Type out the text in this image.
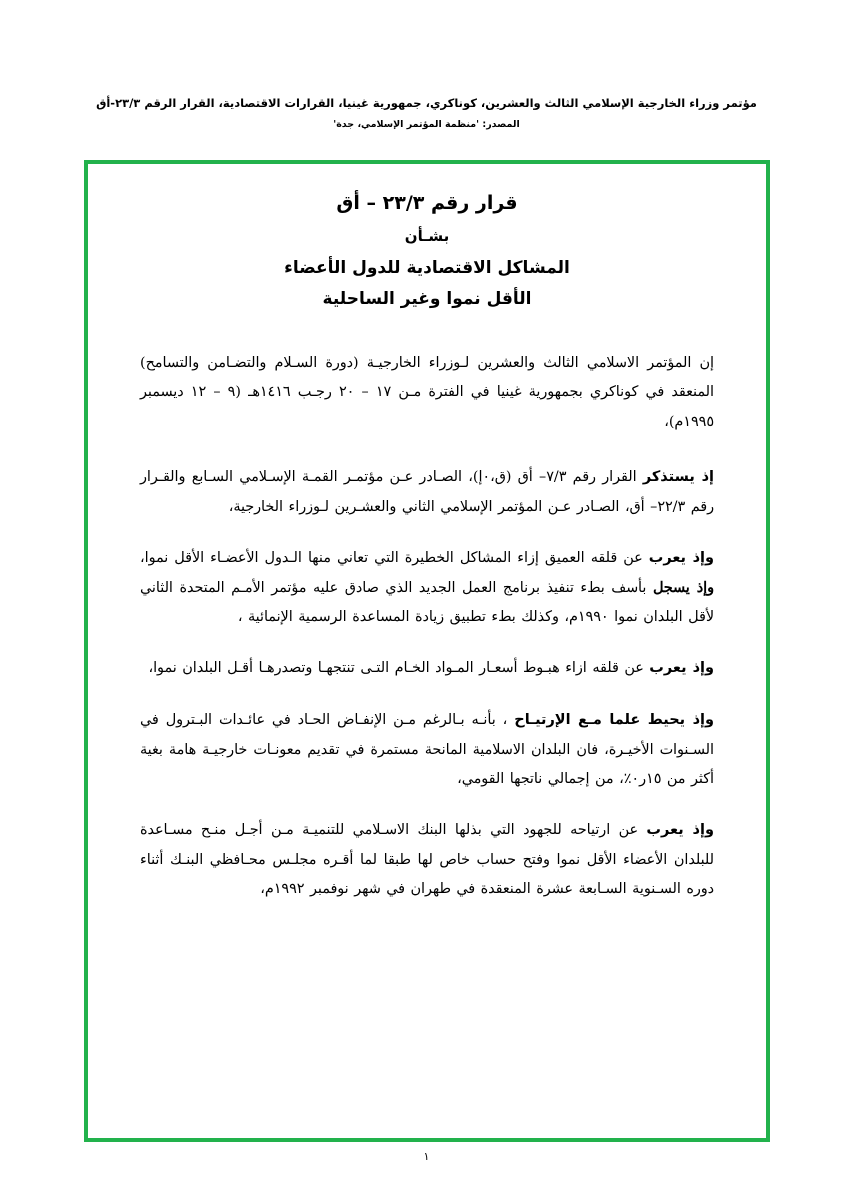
مؤتمر وزراء الخارجية الإسلامي الثالث والعشرين، كوناكري، جمهورية غينيا، القرارات الاقتصادية، القرار الرقم ٢٣/٣-أق
المصدر: 'منظمة المؤتمر الإسلامي، جدة'
قرار رقم ٢٣/٣ – أق
بشـأن
المشاكل الاقتصادية للدول الأعضاء
الأقل نموا وغير الساحلية

إن المؤتمر الاسلامي الثالث والعشرين لـوزراء الخارجيـة (دورة السـلام والتضـامن والتسامح) المنعقد في كوناكري بجمهورية غينيا في الفترة مـن ١٧ – ٢٠ رجـب ١٤١٦هـ (٩ – ١٢ ديسمبر ١٩٩٥م)،

إذ يستذكر القرار رقم ٧/٣– أق (ق،٠إ)، الصـادر عـن مؤتمـر القمـة الإسـلامي السـابع والقـرار رقم ٢٢/٣– أق، الصـادر عـن المؤتمر الإسلامي الثاني والعشـرين لـوزراء الخارجية،

وإذ يعرب عن قلقه العميق إزاء المشاكل الخطيرة التي تعاني منها الـدول الأعضـاء الأقل نموا، وإذ يسجل بأسف بطء تنفيذ برنامج العمل الجديد الذي صادق عليه مؤتمر الأمـم المتحدة الثاني لأقل البلدان نموا ١٩٩٠م، وكذلك بطء تطبيق زيادة المساعدة الرسمية الإنمائية ،

وإذ يعرب عن قلقه ازاء هبـوط أسعـار المـواد الخـام التـى تنتجهـا وتصدرهـا أقـل البلدان نموا،

وإذ يحيط علما مـع الإرتيـاح ، بأنـه بـالرغم مـن الإنفـاض الحـاد في عائـدات البـترول في السـنوات الأخيـرة، فان البلدان الاسلامية المانحة مستمرة في تقديم معونـات خارجيـة هامة بغية أكثر من ١٥ر٠٪، من إجمالي ناتجها القومي،

وإذ يعرب عن ارتياحه للجهود التي بذلها البنك الاسـلامي للتنميـة مـن أجـل منـح مسـاعدة للبلدان الأعضاء الأقل نموا وفتح حساب خاص لها طبقا لما أقـره مجلـس محـافظي البنـك أثناء دوره السـنوية السـابعة عشرة المنعقدة في طهران في شهر نوفمبر ١٩٩٢م،

١
